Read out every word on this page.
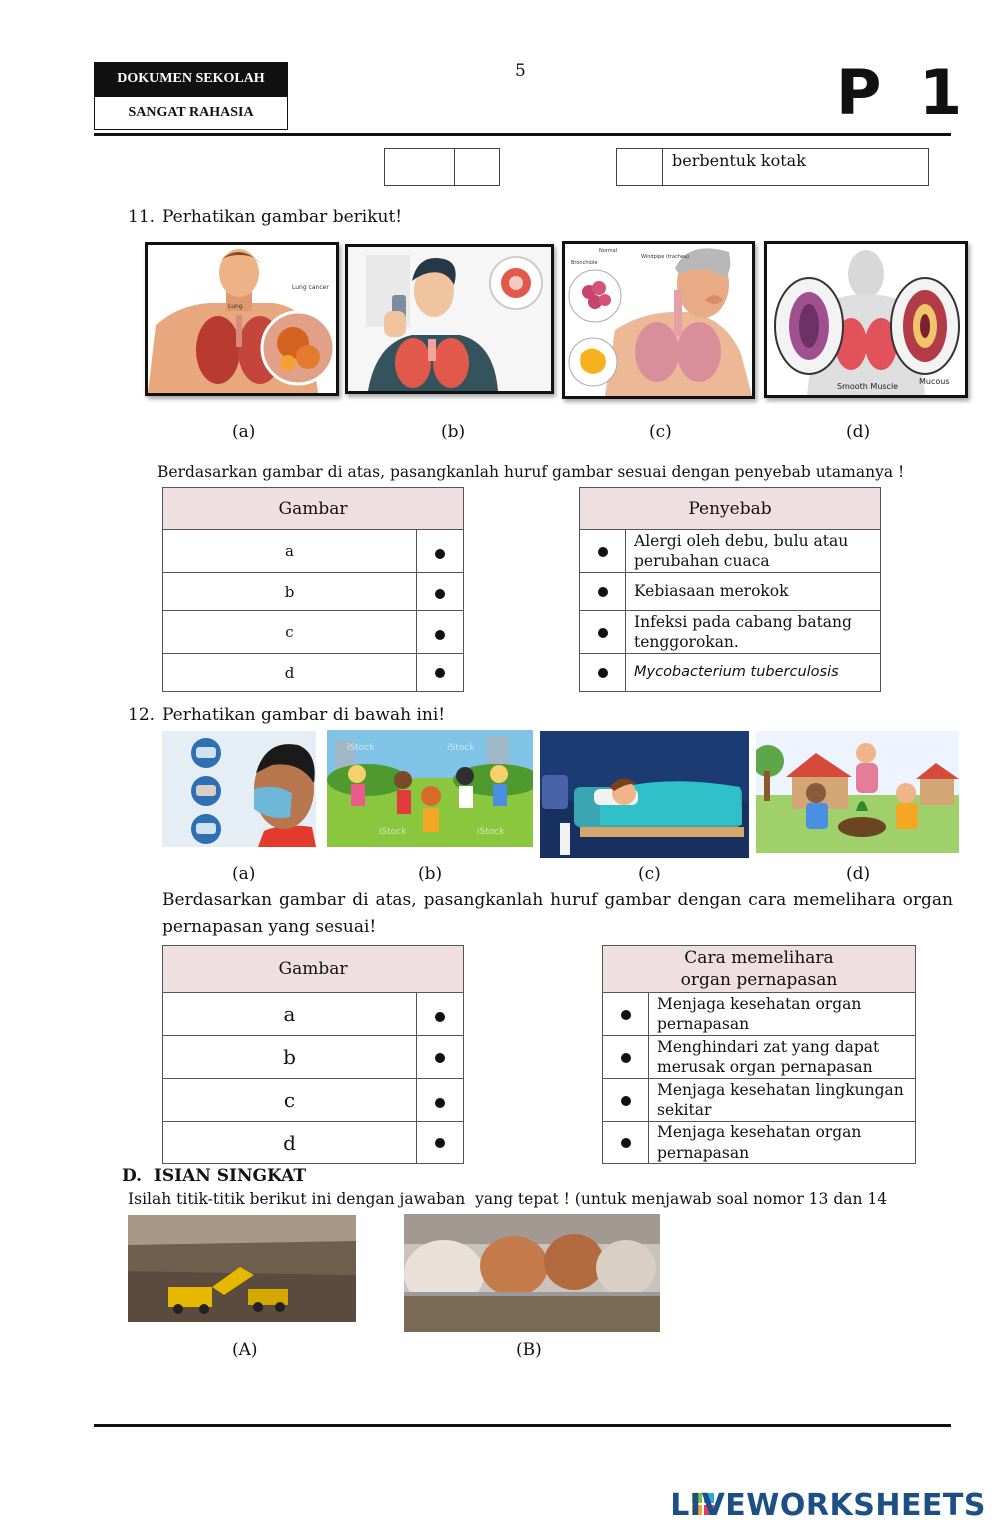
DOKUMEN SEKOLAH
SANGAT RAHASIA
5	P 1
berbentuk kotak
11. Perhatikan gambar berikut!
Lung
Lung cancer
Normal
Windpipe (trachea)
Bronchiole
Smooth Muscle
Mucous
(a)	(b)	(c)	(d)
Berdasarkan gambar di atas, pasangkanlah huruf gambar sesuai dengan penyebab utamanya !
Gambar	
a	
b	
c	
d	
Penyebab	
	Alergi oleh debu, bulu atau perubahan cuaca
	Kebiasaan merokok
	Infeksi pada cabang batang tenggorokan.
	Mycobacterium tuberculosis
12. Perhatikan gambar di bawah ini!
iStock	iStock
iStock	iStock
(a)	(b)	(c)	(d)
Berdasarkan gambar di atas, pasangkanlah huruf gambar dengan cara memelihara organ pernapasan yang sesuai!
Gambar	
a	
b	
c	
d	
Cara memelihara
organ pernapasan	

	Menjaga kesehatan organ pernapasan
	Menghindari zat yang dapat merusak organ pernapasan
	Menjaga kesehatan lingkungan sekitar
	Menjaga kesehatan organ pernapasan
D.  ISIAN SINGKAT
Isilah titik-titik berikut ini dengan jawaban  yang tepat ! (untuk menjawab soal nomor 13 dan 14
(A)	(B)
LIVEWORKSHEETS
